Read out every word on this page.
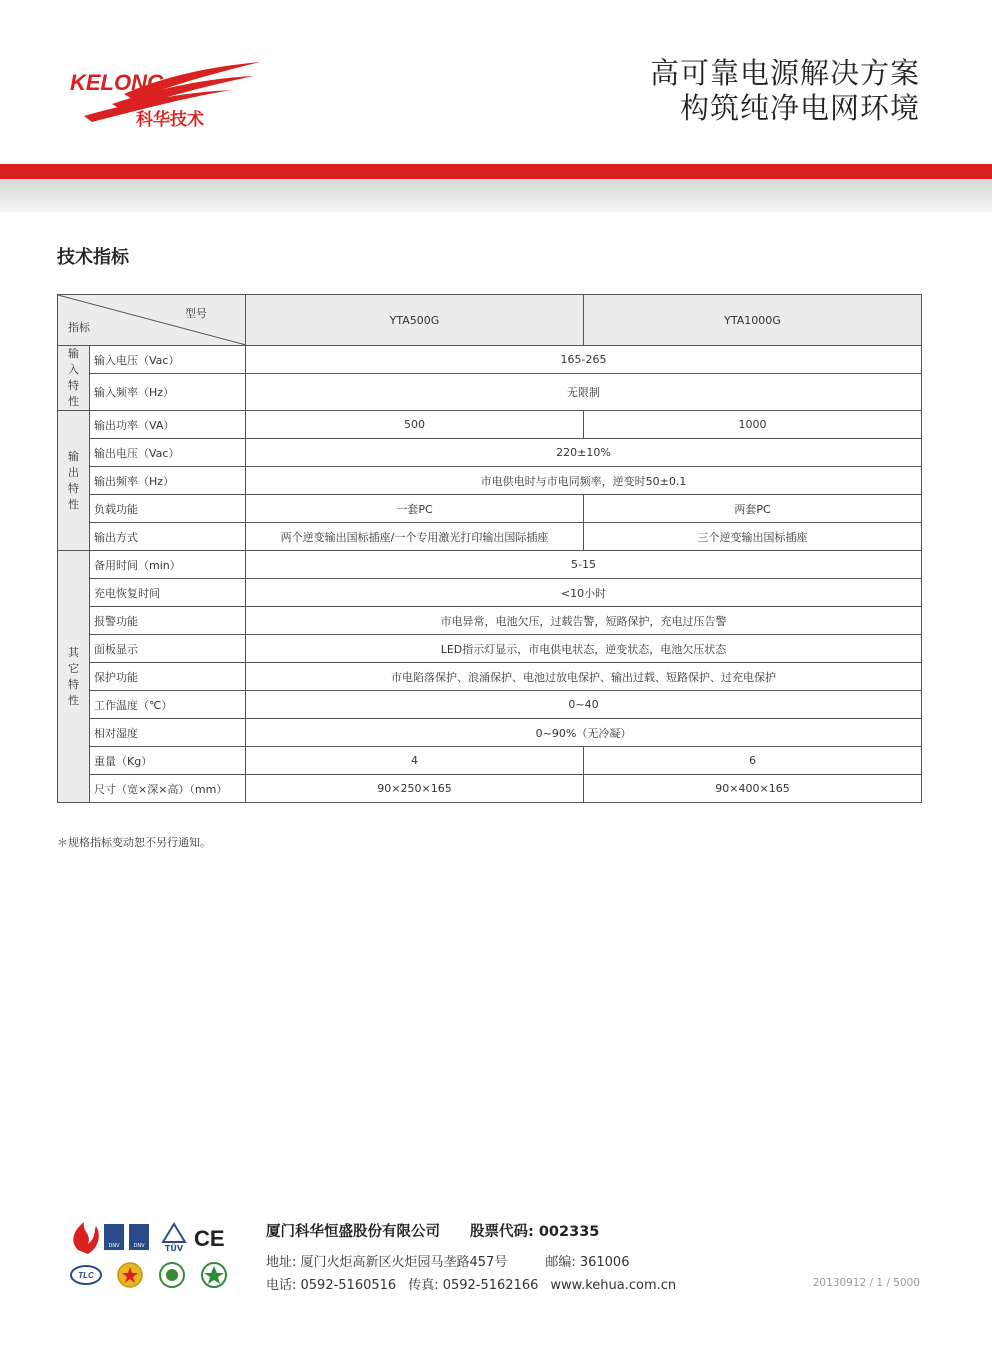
KELONG
科华技术
高可靠电源解决方案
构筑纯净电网环境
技术指标
型号
指标		YTA500G	YTA1000G

输
入
特
性	输入电压（Vac）	165-265	
	输入频率（Hz）	无限制	

输
出
特
性	输出功率（VA）	500	1000
	输出电压（Vac）	220±10%	
	输出频率（Hz）	市电供电时与市电同频率，逆变时50±0.1	
	负载功能	一套PC	两套PC
	输出方式	两个逆变输出国标插座/一个专用激光打印输出国际插座	三个逆变输出国标插座

其
它
特
性	备用时间（min）	5-15	
	充电恢复时间	<10小时	
	报警功能	市电异常，电池欠压，过载告警，短路保护，充电过压告警	
	面板显示	LED指示灯显示，市电供电状态，逆变状态，电池欠压状态	
	保护功能	市电陷落保护、浪涌保护、电池过放电保护、输出过载、短路保护、过充电保护	
	工作温度（℃）	0~40	
	相对湿度	0~90%（无冷凝）	
	重量（Kg）	4	6
	尺寸（宽×深×高）（mm）	90×250×165	90×400×165
＊规格指标变动恕不另行通知。
DNV	DNV	TÜV CE
TLC
厦门科华恒盛股份有限公司 股票代码: 002335
地址: 厦门火炬高新区火炬园马垄路457号	邮编: 361006
电话: 0592-5160516 传真: 0592-5162166 www.kehua.com.cn	20130912 / 1 / 5000
